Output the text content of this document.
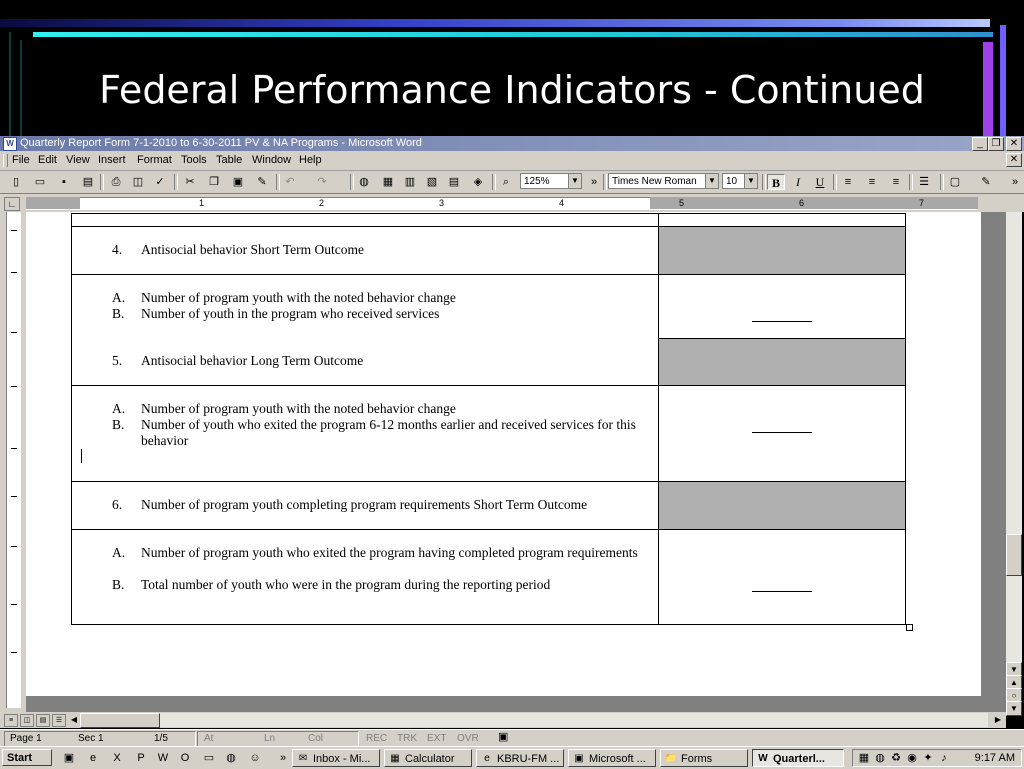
Federal Performance Indicators - Continued
W Quarterly Report Form 7-1-2010 to 6-30-2011 PV & NA Programs - Microsoft Word	_ ❐ ✕
File Edit View Insert Format Tools Table Window Help	✕
▯	▭	▪	▤	⎙	◫	✓	✂	❐ ▣	✎	↶	↷	◍ ▦ ▥ ▧ ▤	◈	⌕	125%	▼	»	Times New Roman	▼	10	▼	B	I	U	≡	≡	≡	☰ ▢	✎	»
∟	1	2	3	4	5	6	7

4. Antisocial behavior Short Term Outcome	

A. Number of program youth with the noted behavior change
B. Number of youth in the program who received services	

5. Antisocial behavior Long Term Outcome	

A. Number of program youth with the noted behavior change
B. Number of youth who exited the program 6-12 months earlier and received services for this behavior	

6. Number of program youth completing program requirements Short Term Outcome	

A. Number of program youth who exited the program having completed program requirements
B. Total number of youth who were in the program during the reporting period	

▼
▲
○
▼
≡	◫	▤	☰	◀	▶
Page 1	Sec 1	1/5	At	Ln	Col	REC TRK EXT OVR ▣
Start	▣	e	X	P	W O ▭ ◍ ☺	»	✉ Inbox - Mi...	▦ Calculator	e KBRU-FM ...	▣ Microsoft ...	📁 Forms	W Quarterl...	▦ ◍ ♻ ◉ ✦ ♪	9:17 AM
